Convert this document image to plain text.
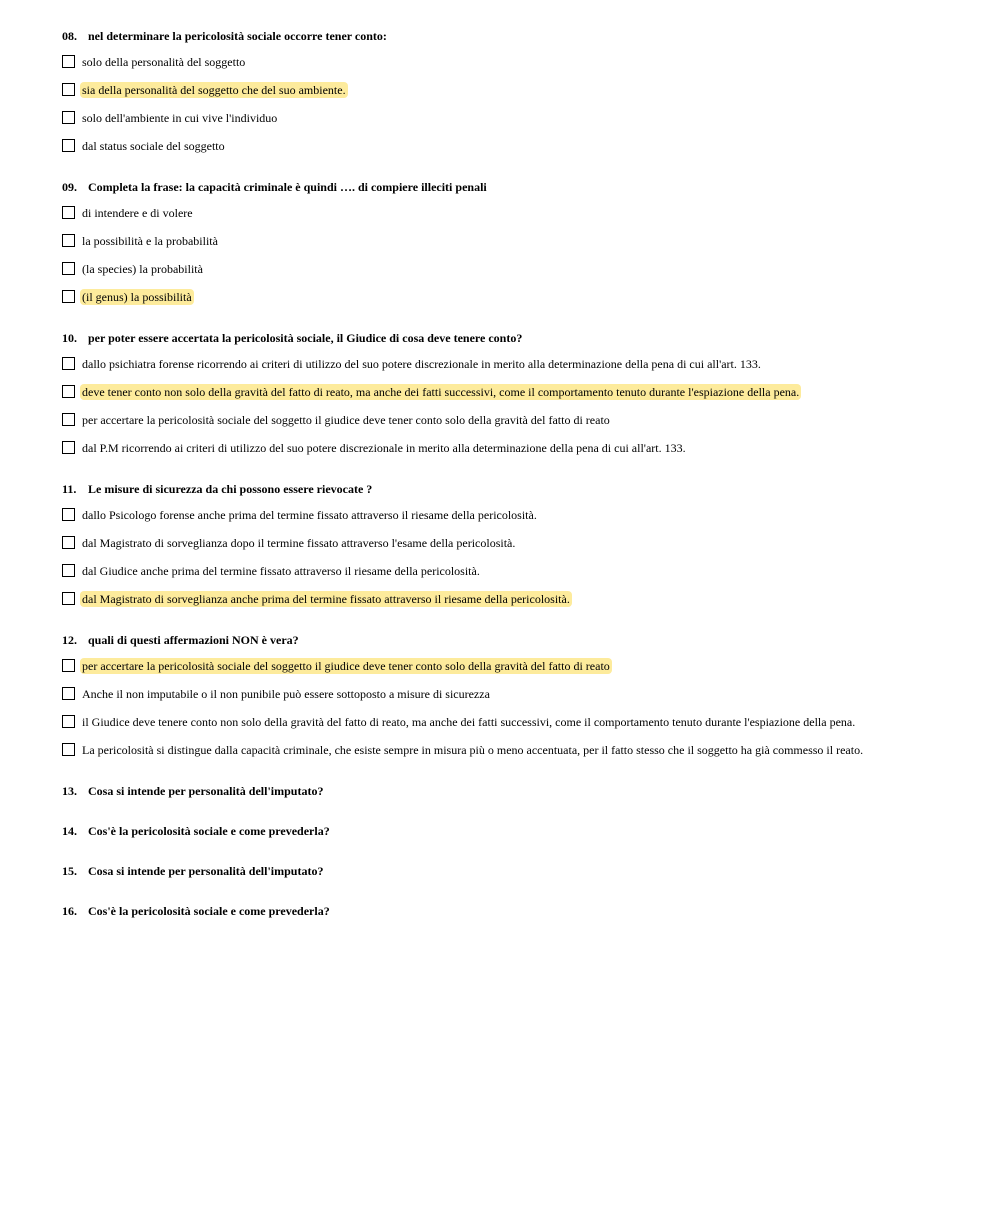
08. nel determinare la pericolosità sociale occorre tener conto:
solo della personalità del soggetto
sia della personalità del soggetto che del suo ambiente.
solo dell'ambiente in cui vive l'individuo
dal status sociale del soggetto
09. Completa la frase: la capacità criminale è quindi …. di compiere illeciti penali
di intendere e di volere
la possibilità e la probabilità
(la species) la probabilità
(il genus) la possibilità
10. per poter essere accertata la pericolosità sociale, il Giudice di cosa deve tenere conto?
dallo psichiatra forense ricorrendo ai criteri di utilizzo del suo potere discrezionale in merito alla determinazione della pena di cui all'art. 133.
deve tener conto non solo della gravità del fatto di reato, ma anche dei fatti successivi, come il comportamento tenuto durante l'espiazione della pena.
per accertare la pericolosità sociale del soggetto il giudice deve tener conto solo della gravità del fatto di reato
dal P.M ricorrendo ai criteri di utilizzo del suo potere discrezionale in merito alla determinazione della pena di cui all'art. 133.
11. Le misure di sicurezza da chi possono essere rievocate ?
dallo Psicologo forense anche prima del termine fissato attraverso il riesame della pericolosità.
dal Magistrato di sorveglianza dopo il termine fissato attraverso l'esame della pericolosità.
dal Giudice anche prima del termine fissato attraverso il riesame della pericolosità.
dal Magistrato di sorveglianza anche prima del termine fissato attraverso il riesame della pericolosità.
12. quali di questi affermazioni NON è vera?
per accertare la pericolosità sociale del soggetto il giudice deve tener conto solo della gravità del fatto di reato
Anche il non imputabile o il non punibile può essere sottoposto a misure di sicurezza
il Giudice deve tenere conto non solo della gravità del fatto di reato, ma anche dei fatti successivi, come il comportamento tenuto durante l'espiazione della pena.
La pericolosità si distingue dalla capacità criminale, che esiste sempre in misura più o meno accentuata, per il fatto stesso che il soggetto ha già commesso il reato.
13. Cosa si intende per personalità dell'imputato?
14. Cos'è la pericolosità sociale e come prevederla?
15. Cosa si intende per personalità dell'imputato?
16. Cos'è la pericolosità sociale e come prevederla?
